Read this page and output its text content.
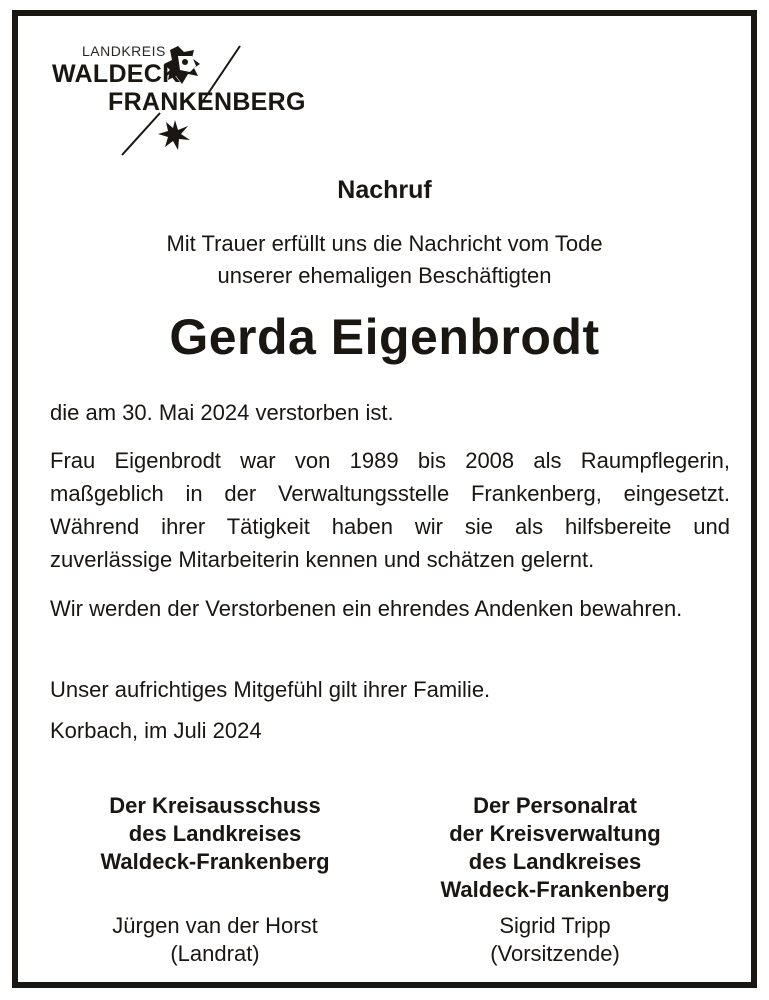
LANDKREIS
WALDECK
FRANKENBERG
Nachruf
Mit Trauer erfüllt uns die Nachricht vom Tode
unserer ehemaligen Beschäftigten
Gerda Eigenbrodt
die am 30. Mai 2024 verstorben ist.
Frau Eigenbrodt war von 1989 bis 2008 als Raumpflegerin, maßgeblich in der Verwaltungsstelle Frankenberg, eingesetzt. Während ihrer Tätigkeit haben wir sie als hilfsbereite und zuverlässige Mitarbeiterin kennen und schätzen gelernt.
Wir werden der Verstorbenen ein ehrendes Andenken bewahren.
Unser aufrichtiges Mitgefühl gilt ihrer Familie.
Korbach, im Juli 2024
Der Kreisausschuss
des Landkreises
Waldeck-Frankenberg
Jürgen van der Horst
(Landrat)
Der Personalrat
der Kreisverwaltung
des Landkreises
Waldeck-Frankenberg
Sigrid Tripp
(Vorsitzende)
